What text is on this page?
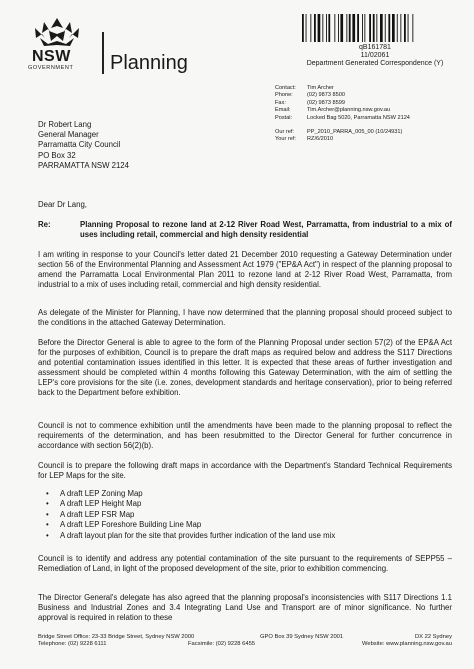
NSW
GOVERNMENT Planning
qB161781
11/02061
Department Generated Correspondence (Y)
Contact: Tim Archer
Phone:	(02) 9873 8500
Fax:	(02) 9873 8599
Email:	Tim.Archer@planning.nsw.gov.au
Postal:	Locked Bag 5020, Parramatta NSW 2124
Our ref: PP_2010_PARRA_005_00 (10/24931)
Your ref: RZ/6/2010
Dr Robert Lang
General Manager
Parramatta City Council
PO Box 32
PARRAMATTA NSW 2124
Dear Dr Lang,
Re:	Planning Proposal to rezone land at 2-12 River Road West, Parramatta, from industrial to a mix of uses including retail, commercial and high density residential
I am writing in response to your Council's letter dated 21 December 2010 requesting a Gateway Determination under section 56 of the Environmental Planning and Assessment Act 1979 ("EP&A Act") in respect of the planning proposal to amend the Parramatta Local Environmental Plan 2011 to rezone land at 2-12 River Road West, Parramatta, from industrial to a mix of uses including retail, commercial and high density residential.
As delegate of the Minister for Planning, I have now determined that the planning proposal should proceed subject to the conditions in the attached Gateway Determination.
Before the Director General is able to agree to the form of the Planning Proposal under section 57(2) of the EP&A Act for the purposes of exhibition, Council is to prepare the draft maps as required below and address the S117 Directions and potential contamination issues identified in this letter. It is expected that these areas of further investigation and assessment should be completed within 4 months following this Gateway Determination, with the aim of settling the LEP's core provisions for the site (i.e. zones, development standards and heritage conservation), prior to being referred back to the Department before exhibition.
Council is not to commence exhibition until the amendments have been made to the planning proposal to reflect the requirements of the determination, and has been resubmitted to the Director General for further concurrence in accordance with section 56(2)(b).
Council is to prepare the following draft maps in accordance with the Department's Standard Technical Requirements for LEP Maps for the site.
• A draft LEP Zoning Map
• A draft LEP Height Map
• A draft LEP FSR Map
• A draft LEP Foreshore Building Line Map
• A draft layout plan for the site that provides further indication of the land use mix
Council is to identify and address any potential contamination of the site pursuant to the requirements of SEPP55 – Remediation of Land, in light of the proposed development of the site, prior to exhibition commencing.
The Director General's delegate has also agreed that the planning proposal's inconsistencies with S117 Directions 1.1 Business and Industrial Zones and 3.4 Integrating Land Use and Transport are of minor significance. No further approval is required in relation to these
Bridge Street Office: 23-33 Bridge Street, Sydney NSW 2000	GPO Box 39 Sydney NSW 2001	DX 22 Sydney
Telephone: (02) 9228 6111	Facsimile: (02) 9228 6455	Website: www.planning.nsw.gov.au
